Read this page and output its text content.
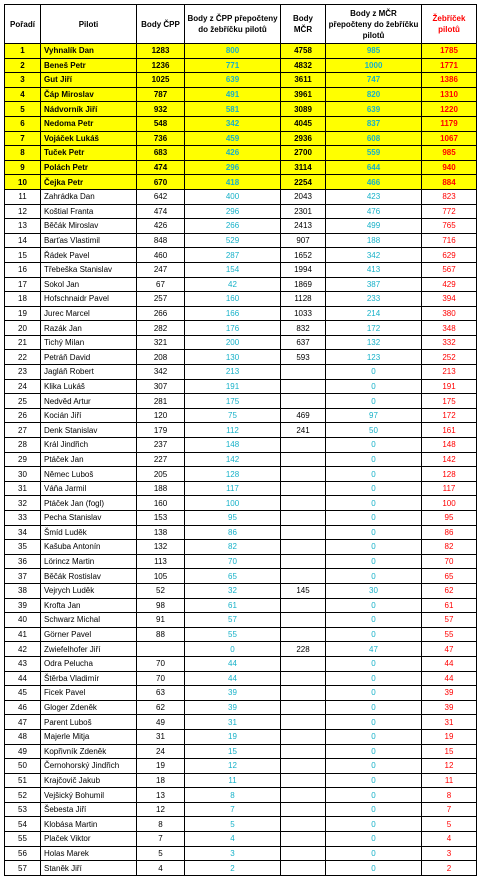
Pořadí	Piloti	Body ČPP	Body z ČPP přepočteny do žebříčku pilotů	Body MČR	Body z MČR přepočteny do žebříčku pilotů	Žebříček pilotů
1	Vyhnalík Dan	1283	800	4758	985	1785
2	Beneš Petr	1236	771	4832	1000	1771
3	Gut Jiří	1025	639	3611	747	1386
4	Čáp Miroslav	787	491	3961	820	1310
5	Nádvorník Jiří	932	581	3089	639	1220
6	Nedoma Petr	548	342	4045	837	1179
7	Vojáček Lukáš	736	459	2936	608	1067
8	Tuček Petr	683	426	2700	559	985
9	Polách Petr	474	296	3114	644	940
10	Čejka Petr	670	418	2254	466	884
11	Zahrádka Dan	642	400	2043	423	823
12	Koštial Franta	474	296	2301	476	772
13	Běčák Miroslav	426	266	2413	499	765
14	Barťas Vlastimil	848	529	907	188	716
15	Řádek Pavel	460	287	1652	342	629
16	Třebeška Stanislav	247	154	1994	413	567
17	Sokol Jan	67	42	1869	387	429
18	Hofschnaidr Pavel	257	160	1128	233	394
19	Jurec Marcel	266	166	1033	214	380
20	Razák Jan	282	176	832	172	348
21	Tichý Milan	321	200	637	132	332
22	Petráň David	208	130	593	123	252
23	Jagláň Robert	342	213		0	213
24	Klika Lukáš	307	191		0	191
25	Nedvěd Artur	281	175		0	175
26	Kocián Jiří	120	75	469	97	172
27	Denk Stanislav	179	112	241	50	161
28	Král Jindřich	237	148		0	148
29	Ptáček Jan	227	142		0	142
30	Němec Luboš	205	128		0	128
31	Váňa Jarmil	188	117		0	117
32	Ptáček Jan (fogl)	160	100		0	100
33	Pecha Stanislav	153	95		0	95
34	Šmíd Luděk	138	86		0	86
35	Kašuba Antonín	132	82		0	82
36	Lörincz Martin	113	70		0	70
37	Běčák Rostislav	105	65		0	65
38	Vejrych Luděk	52	32	145	30	62
39	Krofta Jan	98	61		0	61
40	Schwarz Michal	91	57		0	57
41	Görner Pavel	88	55		0	55
42	Zwiefelhofer Jiří		0	228	47	47
43	Odra Pelucha	70	44		0	44
44	Štěrba Vladimír	70	44		0	44
45	Ficek Pavel	63	39		0	39
46	Gloger Zdeněk	62	39		0	39
47	Parent Luboš	49	31		0	31
48	Majerle Mitja	31	19		0	19
49	Kopřivník Zdeněk	24	15		0	15
50	Černohorský Jindřich	19	12		0	12
51	Krajčovič Jakub	18	11		0	11
52	Vejšický Bohumil	13	8		0	8
53	Šebesta Jiří	12	7		0	7
54	Klobása Martin	8	5		0	5
55	Plaček Viktor	7	4		0	4
56	Holas Marek	5	3		0	3
57	Staněk Jiří	4	2		0	2
